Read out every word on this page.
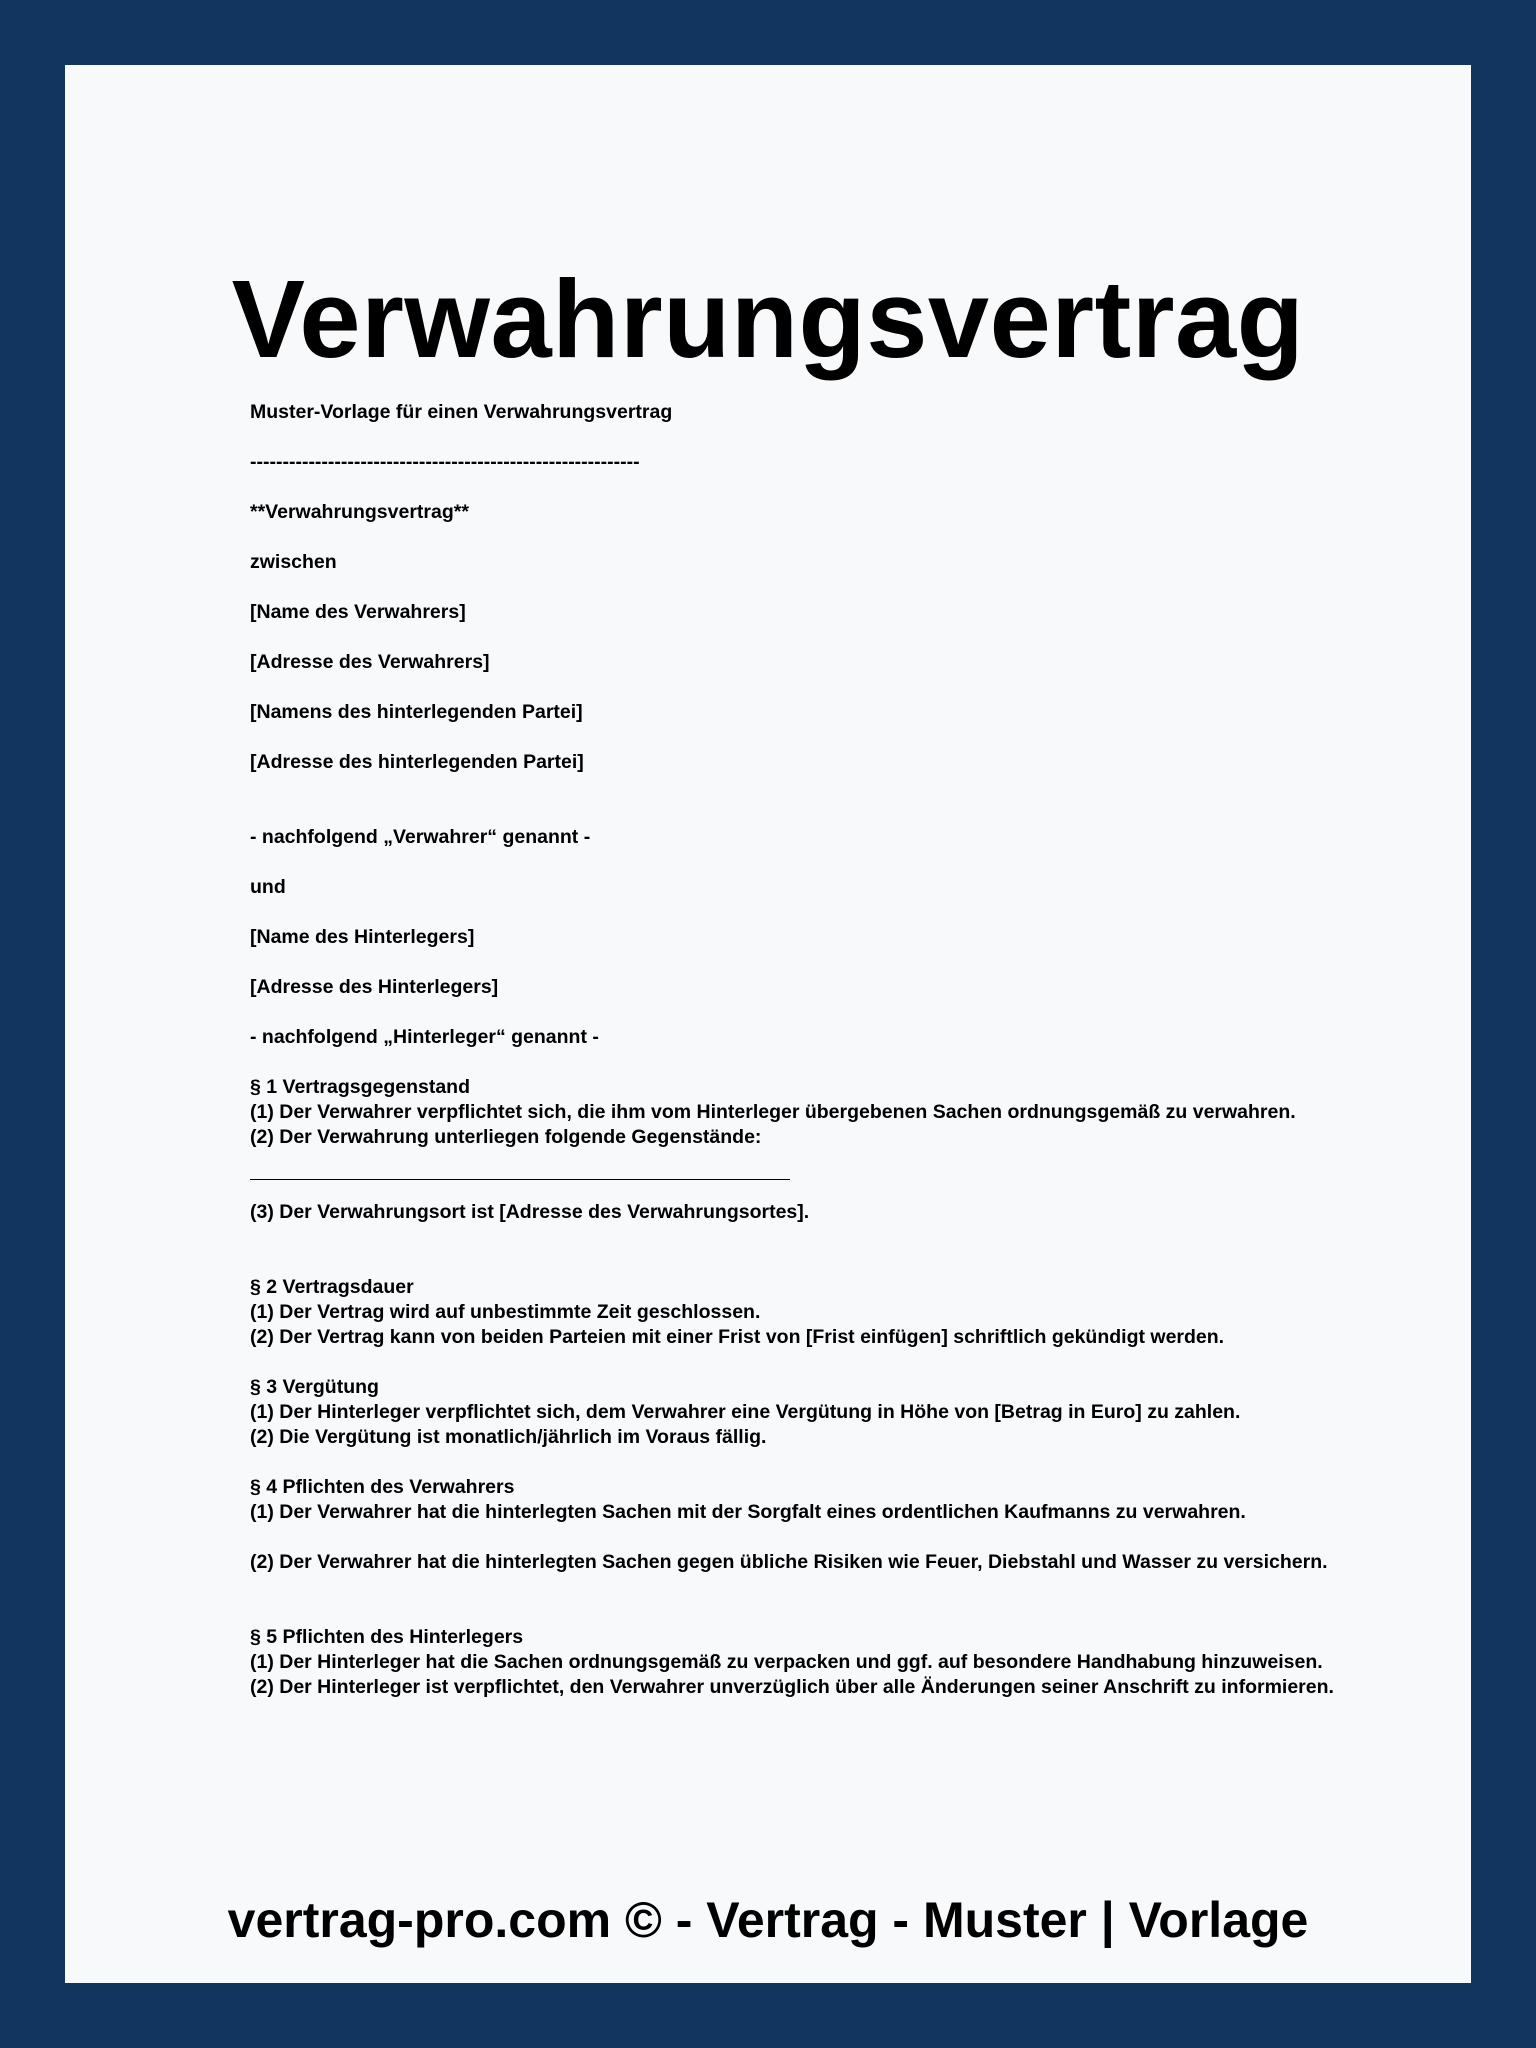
Verwahrungsvertrag

Muster-Vorlage für einen Verwahrungsvertrag

------------------------------------------------------------

**Verwahrungsvertrag**

zwischen

[Name des Verwahrers]

[Adresse des Verwahrers]

[Namens des hinterlegenden Partei]

[Adresse des hinterlegenden Partei]

- nachfolgend „Verwahrer“ genannt -

und

[Name des Hinterlegers]

[Adresse des Hinterlegers]

- nachfolgend „Hinterleger“ genannt -

§ 1 Vertragsgegenstand

(1) Der Verwahrer verpflichtet sich, die ihm vom Hinterleger übergebenen Sachen ordnungsgemäß zu verwahren.

(2) Der Verwahrung unterliegen folgende Gegenstände:

(3) Der Verwahrungsort ist [Adresse des Verwahrungsortes].

§ 2 Vertragsdauer

(1) Der Vertrag wird auf unbestimmte Zeit geschlossen.

(2) Der Vertrag kann von beiden Parteien mit einer Frist von [Frist einfügen] schriftlich gekündigt werden.

§ 3 Vergütung

(1) Der Hinterleger verpflichtet sich, dem Verwahrer eine Vergütung in Höhe von [Betrag in Euro] zu zahlen.

(2) Die Vergütung ist monatlich/jährlich im Voraus fällig.

§ 4 Pflichten des Verwahrers

(1) Der Verwahrer hat die hinterlegten Sachen mit der Sorgfalt eines ordentlichen Kaufmanns zu verwahren.

(2) Der Verwahrer hat die hinterlegten Sachen gegen übliche Risiken wie Feuer, Diebstahl und Wasser zu versichern.

§ 5 Pflichten des Hinterlegers

(1) Der Hinterleger hat die Sachen ordnungsgemäß zu verpacken und ggf. auf besondere Handhabung hinzuweisen.

(2) Der Hinterleger ist verpflichtet, den Verwahrer unverzüglich über alle Änderungen seiner Anschrift zu informieren.

vertrag-pro.com © - Vertrag - Muster | Vorlage
